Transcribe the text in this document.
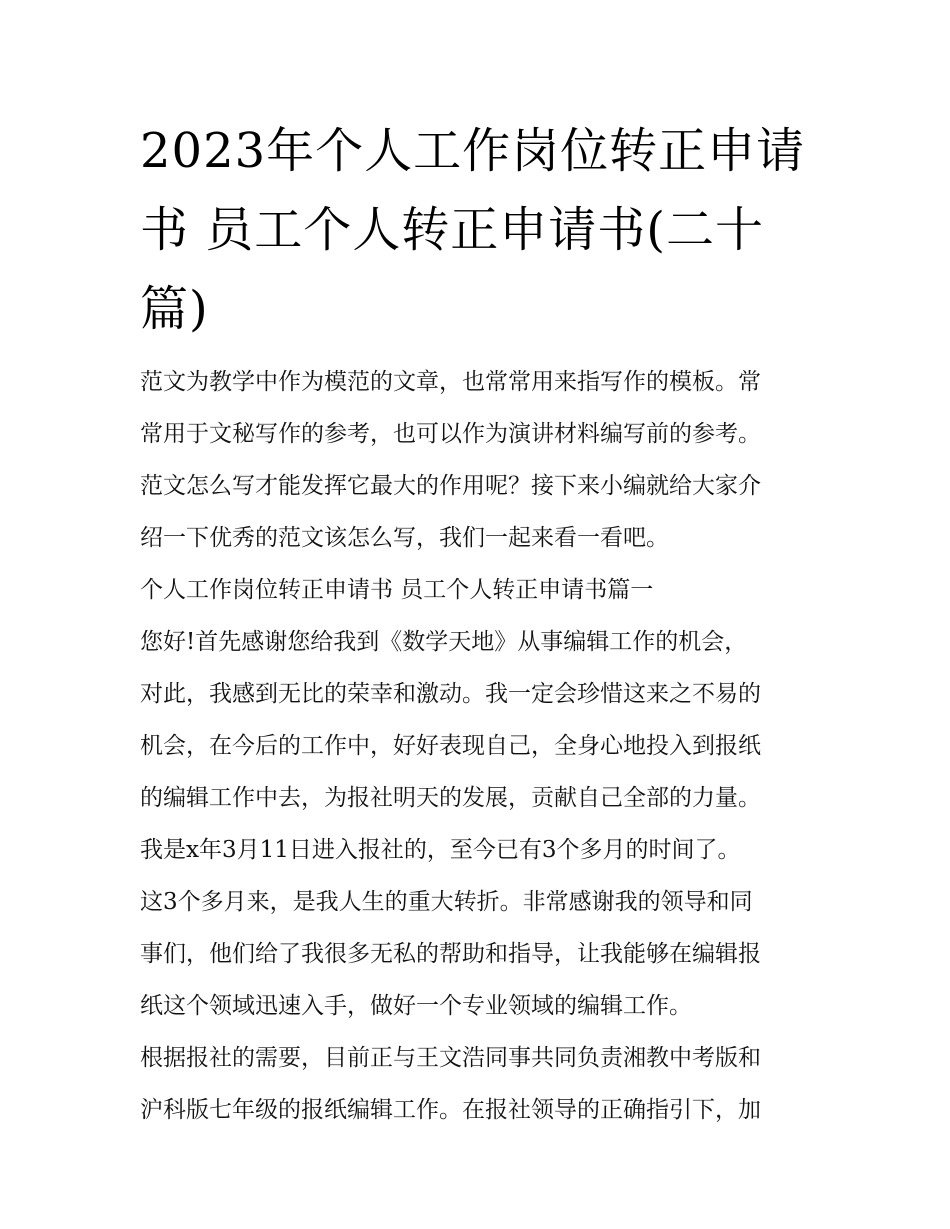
2023年个人工作岗位转正申请书 员工个人转正申请书(二十篇)
范文为教学中作为模范的文章，也常常用来指写作的模板。常
常用于文秘写作的参考，也可以作为演讲材料编写前的参考。
范文怎么写才能发挥它最大的作用呢？接下来小编就给大家介
绍一下优秀的范文该怎么写，我们一起来看一看吧。
个人工作岗位转正申请书 员工个人转正申请书篇一
您好!首先感谢您给我到《数学天地》从事编辑工作的机会，
对此，我感到无比的荣幸和激动。我一定会珍惜这来之不易的
机会，在今后的工作中，好好表现自己，全身心地投入到报纸
的编辑工作中去，为报社明天的发展，贡献自己全部的力量。
我是x年3月11日进入报社的，至今已有3个多月的时间了。
这3个多月来，是我人生的重大转折。非常感谢我的领导和同
事们，他们给了我很多无私的帮助和指导，让我能够在编辑报
纸这个领域迅速入手，做好一个专业领域的编辑工作。
根据报社的需要，目前正与王文浩同事共同负责湘教中考版和
沪科版七年级的报纸编辑工作。在报社领导的正确指引下，加
